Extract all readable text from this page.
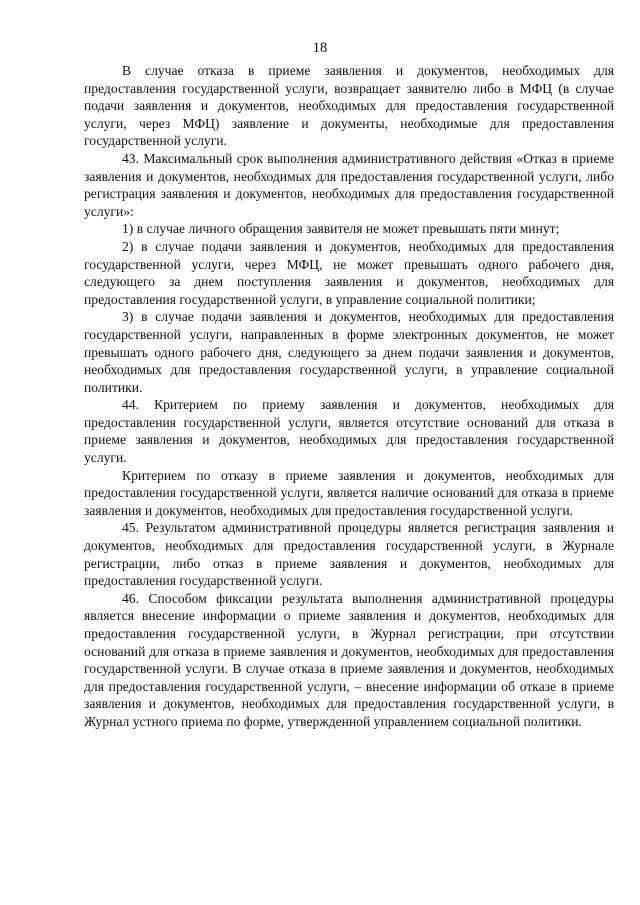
18

В случае отказа в приеме заявления и документов, необходимых для предоставления государственной услуги, возвращает заявителю либо в МФЦ (в случае подачи заявления и документов, необходимых для предоставления государственной услуги, через МФЦ) заявление и документы, необходимые для предоставления государственной услуги.

43. Максимальный срок выполнения административного действия «Отказ в приеме заявления и документов, необходимых для предоставления государственной услуги, либо регистрация заявления и документов, необходимых для предоставления государственной услуги»:

1) в случае личного обращения заявителя не может превышать пяти минут;

2) в случае подачи заявления и документов, необходимых для предоставления государственной услуги, через МФЦ, не может превышать одного рабочего дня, следующего за днем поступления заявления и документов, необходимых для предоставления государственной услуги, в управление социальной политики;

3) в случае подачи заявления и документов, необходимых для предоставления государственной услуги, направленных в форме электронных документов, не может превышать одного рабочего дня, следующего за днем подачи заявления и документов, необходимых для предоставления государственной услуги, в управление социальной политики.

44. Критерием по приему заявления и документов, необходимых для предоставления государственной услуги, является отсутствие оснований для отказа в приеме заявления и документов, необходимых для предоставления государственной услуги.

Критерием по отказу в приеме заявления и документов, необходимых для предоставления государственной услуги, является наличие оснований для отказа в приеме заявления и документов, необходимых для предоставления государственной услуги.

45. Результатом административной процедуры является регистрация заявления и документов, необходимых для предоставления государственной услуги, в Журнале регистрации, либо отказ в приеме заявления и документов, необходимых для предоставления государственной услуги.

46. Способом фиксации результата выполнения административной процедуры является внесение информации о приеме заявления и документов, необходимых для предоставления государственной услуги, в Журнал регистрации, при отсутствии оснований для отказа в приеме заявления и документов, необходимых для предоставления государственной услуги. В случае отказа в приеме заявления и документов, необходимых для предоставления государственной услуги, – внесение информации об отказе в приеме заявления и документов, необходимых для предоставления государственной услуги, в Журнал устного приема по форме, утвержденной управлением социальной политики.
